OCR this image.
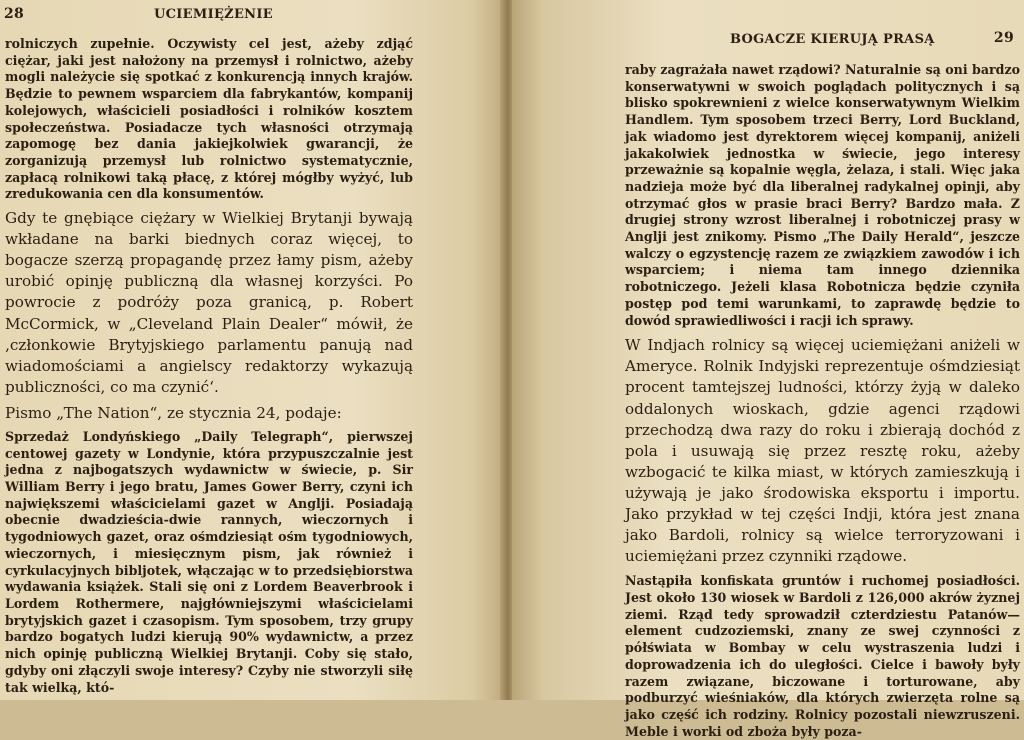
28	UCIEMIĘŻENIE
BOGACZE KIERUJĄ PRASĄ	29

rolniczych zupełnie. Oczywisty cel jest, ażeby zdjąć ciężar, jaki jest nałożony na przemysł i rolnictwo, ażeby mogli należycie się spotkać z konkurencją innych krajów. Będzie to pewnem wsparciem dla fabrykantów, kompanij kolejowych, właścicieli posiadłości i rolników kosztem społeczeństwa. Posiadacze tych własności otrzymają zapomogę bez dania jakiejkolwiek gwarancji, że zorganizują przemysł lub rolnictwo systematycznie, zapłacą rolnikowi taką płacę, z której mógłby wyżyć, lub zredukowania cen dla konsumentów.

Gdy te gnębiące ciężary w Wielkiej Brytanji bywają wkładane na barki biednych coraz więcej, to bogacze szerzą propagandę przez łamy pism, ażeby urobić opinję publiczną dla własnej korzyści. Po powrocie z podróży poza granicą, p. Robert McCormick, w „Cleveland Plain Dealer“ mówił, że ‚członkowie Brytyjskiego parlamentu panują nad wiadomościami a angielscy redaktorzy wykazują publiczności, co ma czynić‘.

Pismo „The Nation“, ze stycznia 24, podaje:

Sprzedaż Londyńskiego „Daily Telegraph“, pierwszej centowej gazety w Londynie, która przypuszczalnie jest jedna z najbogatszych wydawnictw w świecie, p. Sir William Berry i jego bratu, James Gower Berry, czyni ich największemi właścicielami gazet w Anglji. Posiadają obecnie dwadzieścia-dwie rannych, wieczornych i tygodniowych gazet, oraz ośmdziesiąt ośm tygodniowych, wieczornych, i miesięcznym pism, jak również i cyrkulacyjnych bibljotek, włączając w to przedsiębiorstwa wydawania książek. Stali się oni z Lordem Beaverbrook i Lordem Rothermere, najgłówniejszymi właścicielami brytyjskich gazet i czasopism. Tym sposobem, trzy grupy bardzo bogatych ludzi kierują 90% wydawnictw, a przez nich opinję publiczną Wielkiej Brytanji. Coby się stało, gdyby oni złączyli swoje interesy? Czyby nie stworzyli siłę tak wielką, któ-

raby zagrażała nawet rządowi? Naturalnie są oni bardzo konserwatywni w swoich poglądach politycznych i są blisko spokrewnieni z wielce konserwatywnym Wielkim Handlem. Tym sposobem trzeci Berry, Lord Buckland, jak wiadomo jest dyrektorem więcej kompanij, aniżeli jakakolwiek jednostka w świecie, jego interesy przeważnie są kopalnie węgla, żelaza, i stali. Więc jaka nadzieja może być dla liberalnej radykalnej opinji, aby otrzymać głos w prasie braci Berry? Bardzo mała. Z drugiej strony wzrost liberalnej i robotniczej prasy w Anglji jest znikomy. Pismo „The Daily Herald“, jeszcze walczy o egzystencję razem ze związkiem zawodów i ich wsparciem; i niema tam innego dziennika robotniczego. Jeżeli klasa Robotnicza będzie czyniła postęp pod temi warunkami, to zaprawdę będzie to dowód sprawiedliwości i racji ich sprawy.

W Indjach rolnicy są więcej uciemiężani aniżeli w Ameryce. Rolnik Indyjski reprezentuje ośmdziesiąt procent tamtejszej ludności, którzy żyją w daleko oddalonych wioskach, gdzie agenci rządowi przechodzą dwa razy do roku i zbierają dochód z pola i usuwają się przez resztę roku, ażeby wzbogacić te kilka miast, w których zamieszkują i używają je jako środowiska eksportu i importu. Jako przykład w tej części Indji, która jest znana jako Bardoli, rolnicy są wielce terroryzowani i uciemiężani przez czynniki rządowe.

Nastąpiła konfiskata gruntów i ruchomej posiadłości. Jest około 130 wiosek w Bardoli z 126,000 akrów żyznej ziemi. Rząd tedy sprowadził czterdziestu Patanów—element cudzoziemski, znany ze swej czynności z półświata w Bombay w celu wystraszenia ludzi i doprowadzenia ich do uległości. Cielce i bawoły były razem związane, biczowane i torturowane, aby podburzyć wieśniaków, dla których zwierzęta rolne są jako część ich rodziny. Rolnicy pozostali niewzruszeni. Meble i worki od zboża były poza-
